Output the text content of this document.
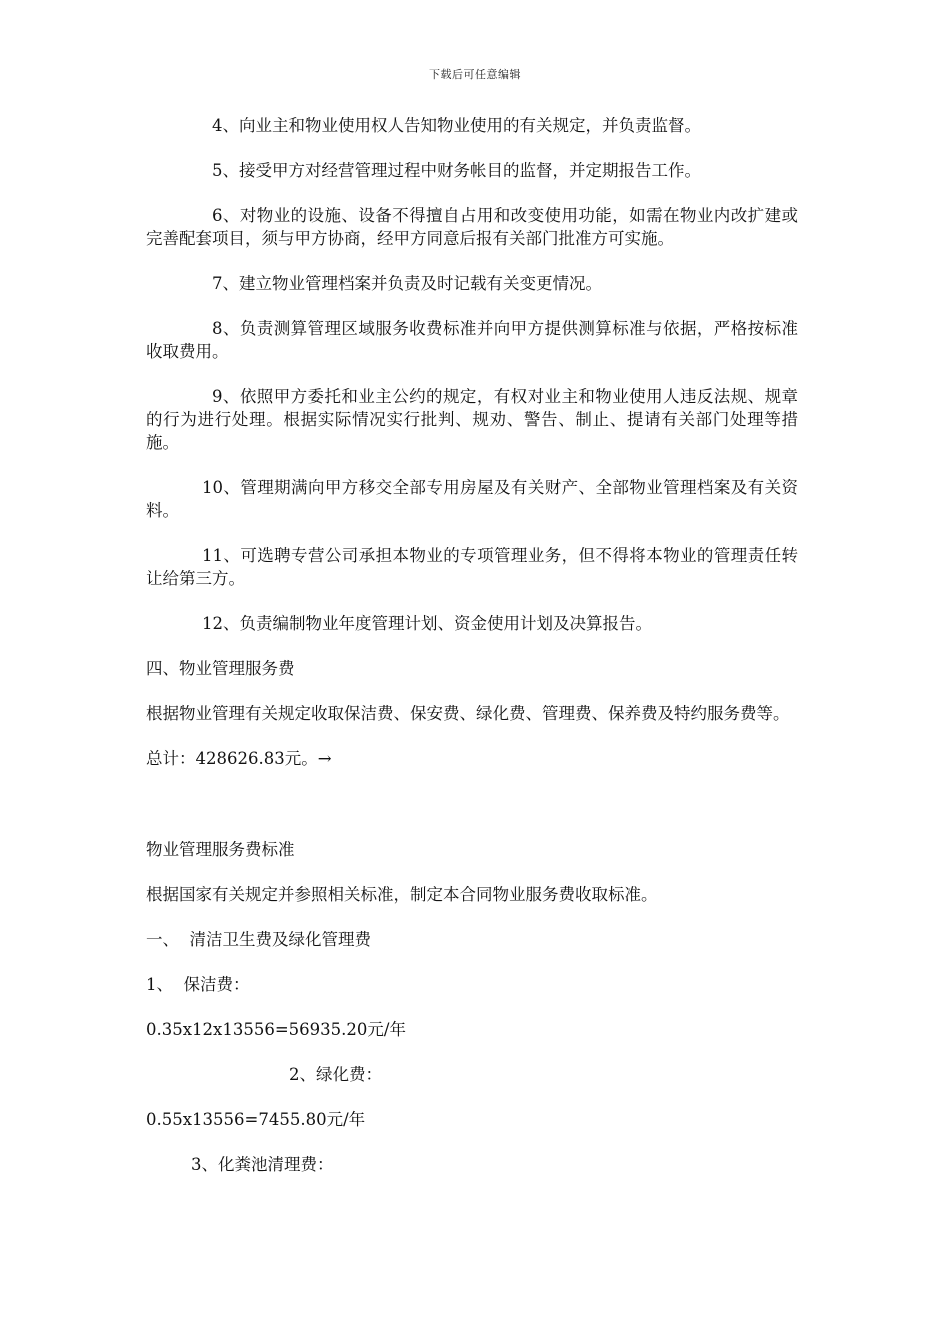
下载后可任意编辑

4、向业主和物业使用权人告知物业使用的有关规定，并负责监督。

5、接受甲方对经营管理过程中财务帐目的监督，并定期报告工作。

6、对物业的设施、设备不得擅自占用和改变使用功能，如需在物业内改扩建或完善配套项目，须与甲方协商，经甲方同意后报有关部门批准方可实施。

7、建立物业管理档案并负责及时记载有关变更情况。

8、负责测算管理区域服务收费标准并向甲方提供测算标准与依据，严格按标准收取费用。

9、依照甲方委托和业主公约的规定，有权对业主和物业使用人违反法规、规章的行为进行处理。根据实际情况实行批判、规劝、警告、制止、提请有关部门处理等措施。

10、管理期满向甲方移交全部专用房屋及有关财产、全部物业管理档案及有关资料。

11、可选聘专营公司承担本物业的专项管理业务，但不得将本物业的管理责任转让给第三方。

12、负责编制物业年度管理计划、资金使用计划及决算报告。

四、物业管理服务费

根据物业管理有关规定收取保洁费、保安费、绿化费、管理费、保养费及特约服务费等。

总计：428626.83元。→

物业管理服务费标准

根据国家有关规定并参照相关标准，制定本合同物业服务费收取标准。

一、  清洁卫生费及绿化管理费

1、  保洁费：

0.35x12x13556=56935.20元/年

2、绿化费：

0.55x13556=7455.80元/年

3、化粪池清理费：
